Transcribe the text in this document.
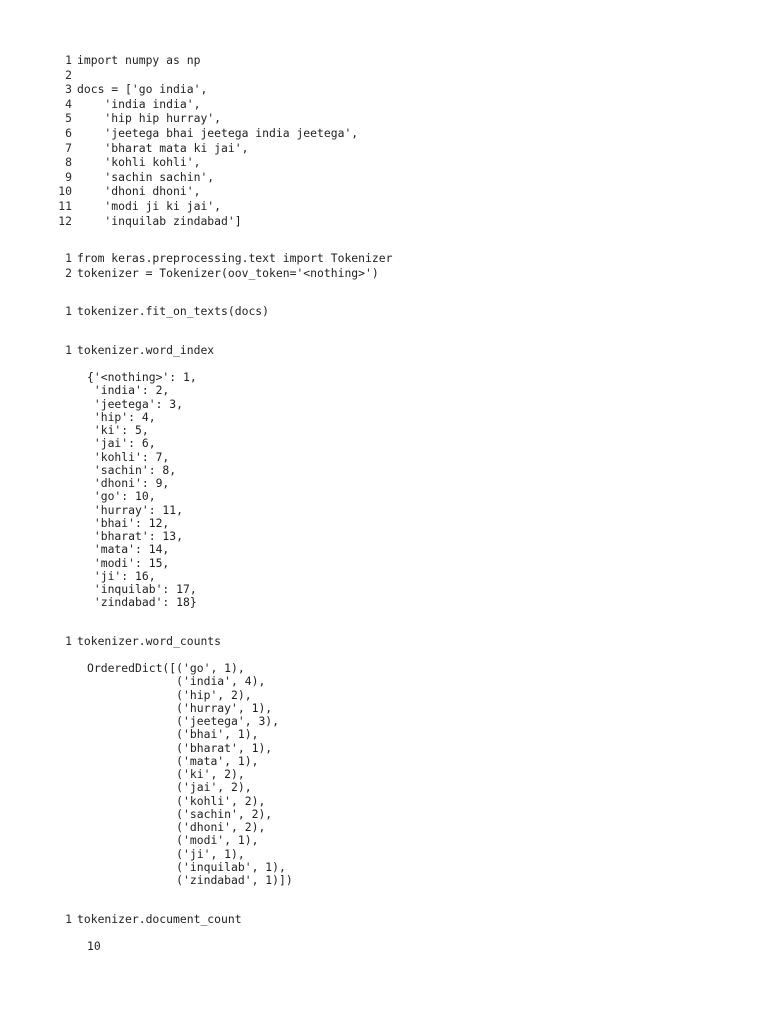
1 import numpy as np
2
3 docs = ['go india',
4 'india india',
5 'hip hip hurray',
6 'jeetega bhai jeetega india jeetega',
7 'bharat mata ki jai',
8 'kohli kohli',
9 'sachin sachin',
10 'dhoni dhoni',
11 'modi ji ki jai',
12 'inquilab zindabad']
1 from keras.preprocessing.text import Tokenizer
2 tokenizer = Tokenizer(oov_token='<nothing>')
1 tokenizer.fit_on_texts(docs)
1 tokenizer.word_index
{'<nothing>': 1,
'india': 2,
'jeetega': 3,
'hip': 4,
'ki': 5,
'jai': 6,
'kohli': 7,
'sachin': 8,
'dhoni': 9,
'go': 10,
'hurray': 11,
'bhai': 12,
'bharat': 13,
'mata': 14,
'modi': 15,
'ji': 16,
'inquilab': 17,
'zindabad': 18}
1 tokenizer.word_counts
OrderedDict([('go', 1),
('india', 4),
('hip', 2),
('hurray', 1),
('jeetega', 3),
('bhai', 1),
('bharat', 1),
('mata', 1),
('ki', 2),
('jai', 2),
('kohli', 2),
('sachin', 2),
('dhoni', 2),
('modi', 1),
('ji', 1),
('inquilab', 1),
('zindabad', 1)])
1 tokenizer.document_count
10
